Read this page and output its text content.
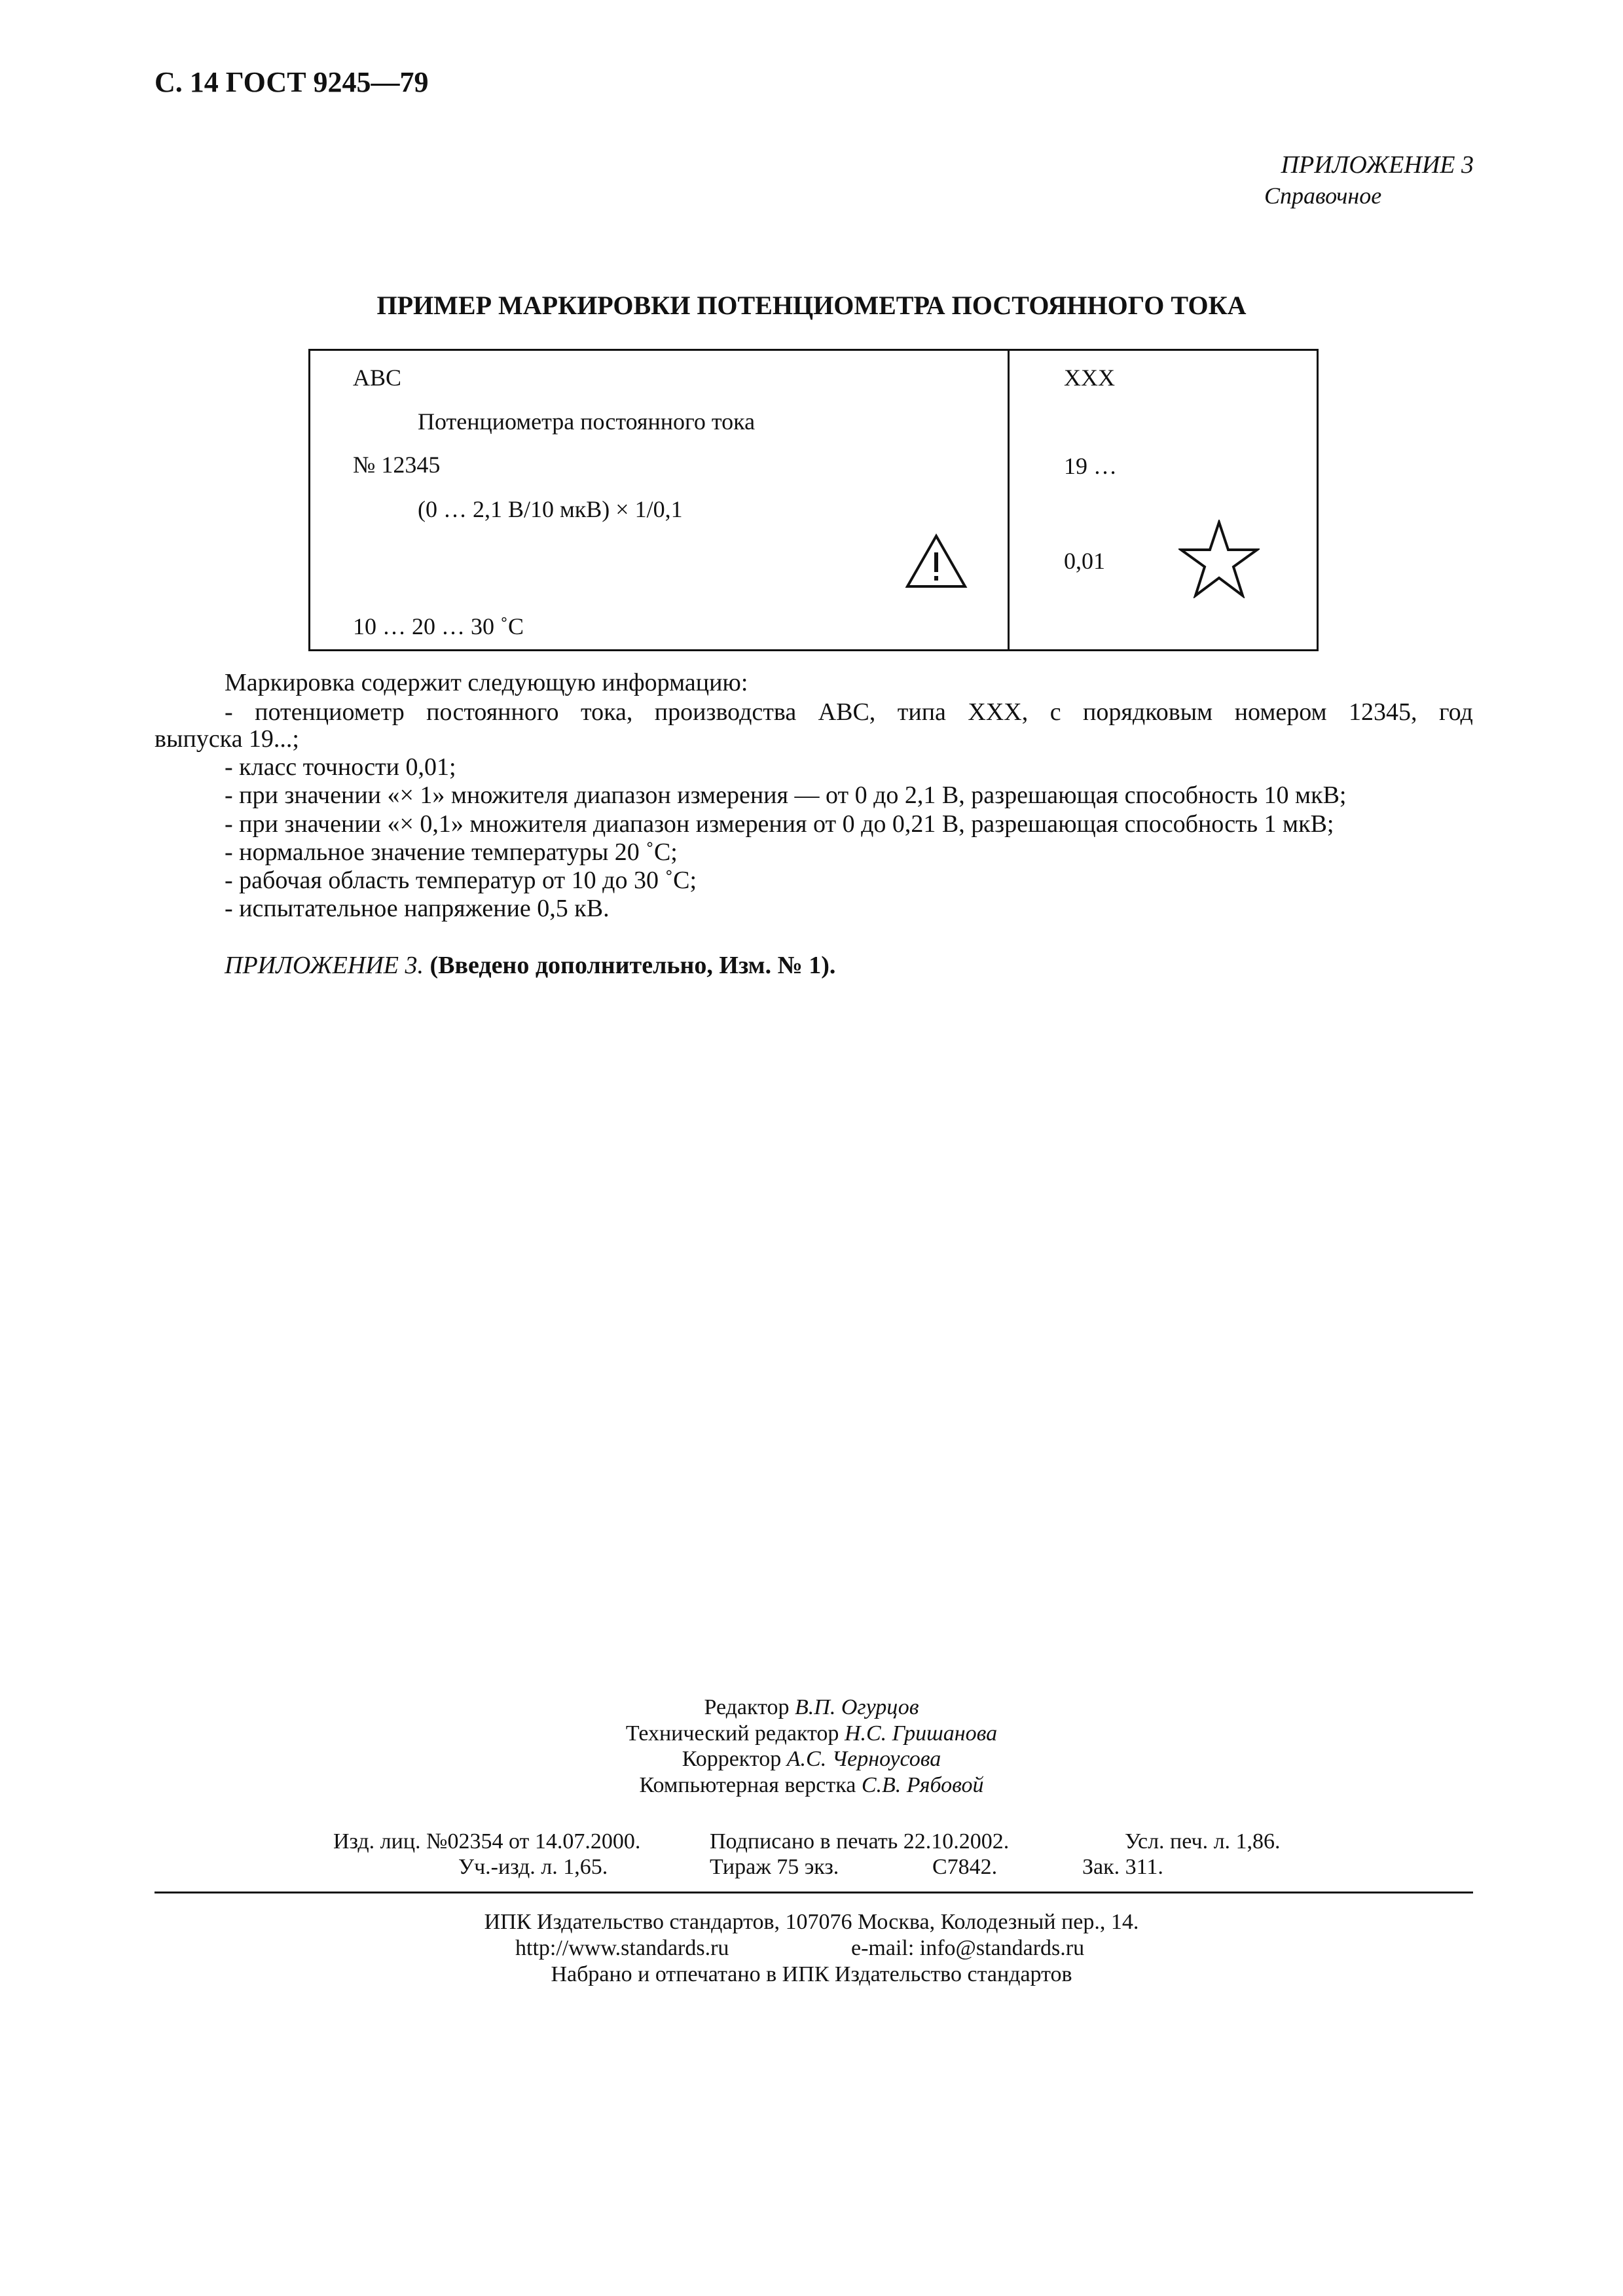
С. 14 ГОСТ 9245—79
ПРИЛОЖЕНИЕ 3
Справочное
ПРИМЕР МАРКИРОВКИ ПОТЕНЦИОМЕТРА ПОСТОЯННОГО ТОКА
ABC
Потенциометра постоянного тока
№ 12345
(0 … 2,1 В/10 мкВ) × 1/0,1
10 … 20 … 30 ˚С
XXX
19 …
0,01
Маркировка содержит следующую информацию:
- потенциометр постоянного тока, производства ABC, типа XXX, с порядковым номером 12345, год
выпуска 19...;
- класс точности 0,01;
- при значении «× 1» множителя диапазон измерения — от 0 до 2,1 В, разрешающая способность 10 мкВ;
- при значении «× 0,1» множителя диапазон измерения от 0 до 0,21 В, разрешающая способность 1 мкВ;
- нормальное значение температуры 20 ˚С;
- рабочая область температур от 10 до 30 ˚С;
- испытательное напряжение 0,5 кВ.
ПРИЛОЖЕНИЕ 3. (Введено дополнительно, Изм. № 1).
Редактор В.П. Огурцов
Технический редактор Н.С. Гришанова
Корректор А.С. Черноусова
Компьютерная верстка С.В. Рябовой
Изд. лиц. №02354 от 14.07.2000.	Подписано в печать 22.10.2002.	Усл. печ. л. 1,86.
Уч.-изд. л. 1,65.	Тираж 75 экз.	С7842.	Зак. 311.
ИПК Издательство стандартов, 107076 Москва, Колодезный пер., 14.
http://www.standards.ru	e-mail: info@standards.ru
Набрано и отпечатано в ИПК Издательство стандартов
